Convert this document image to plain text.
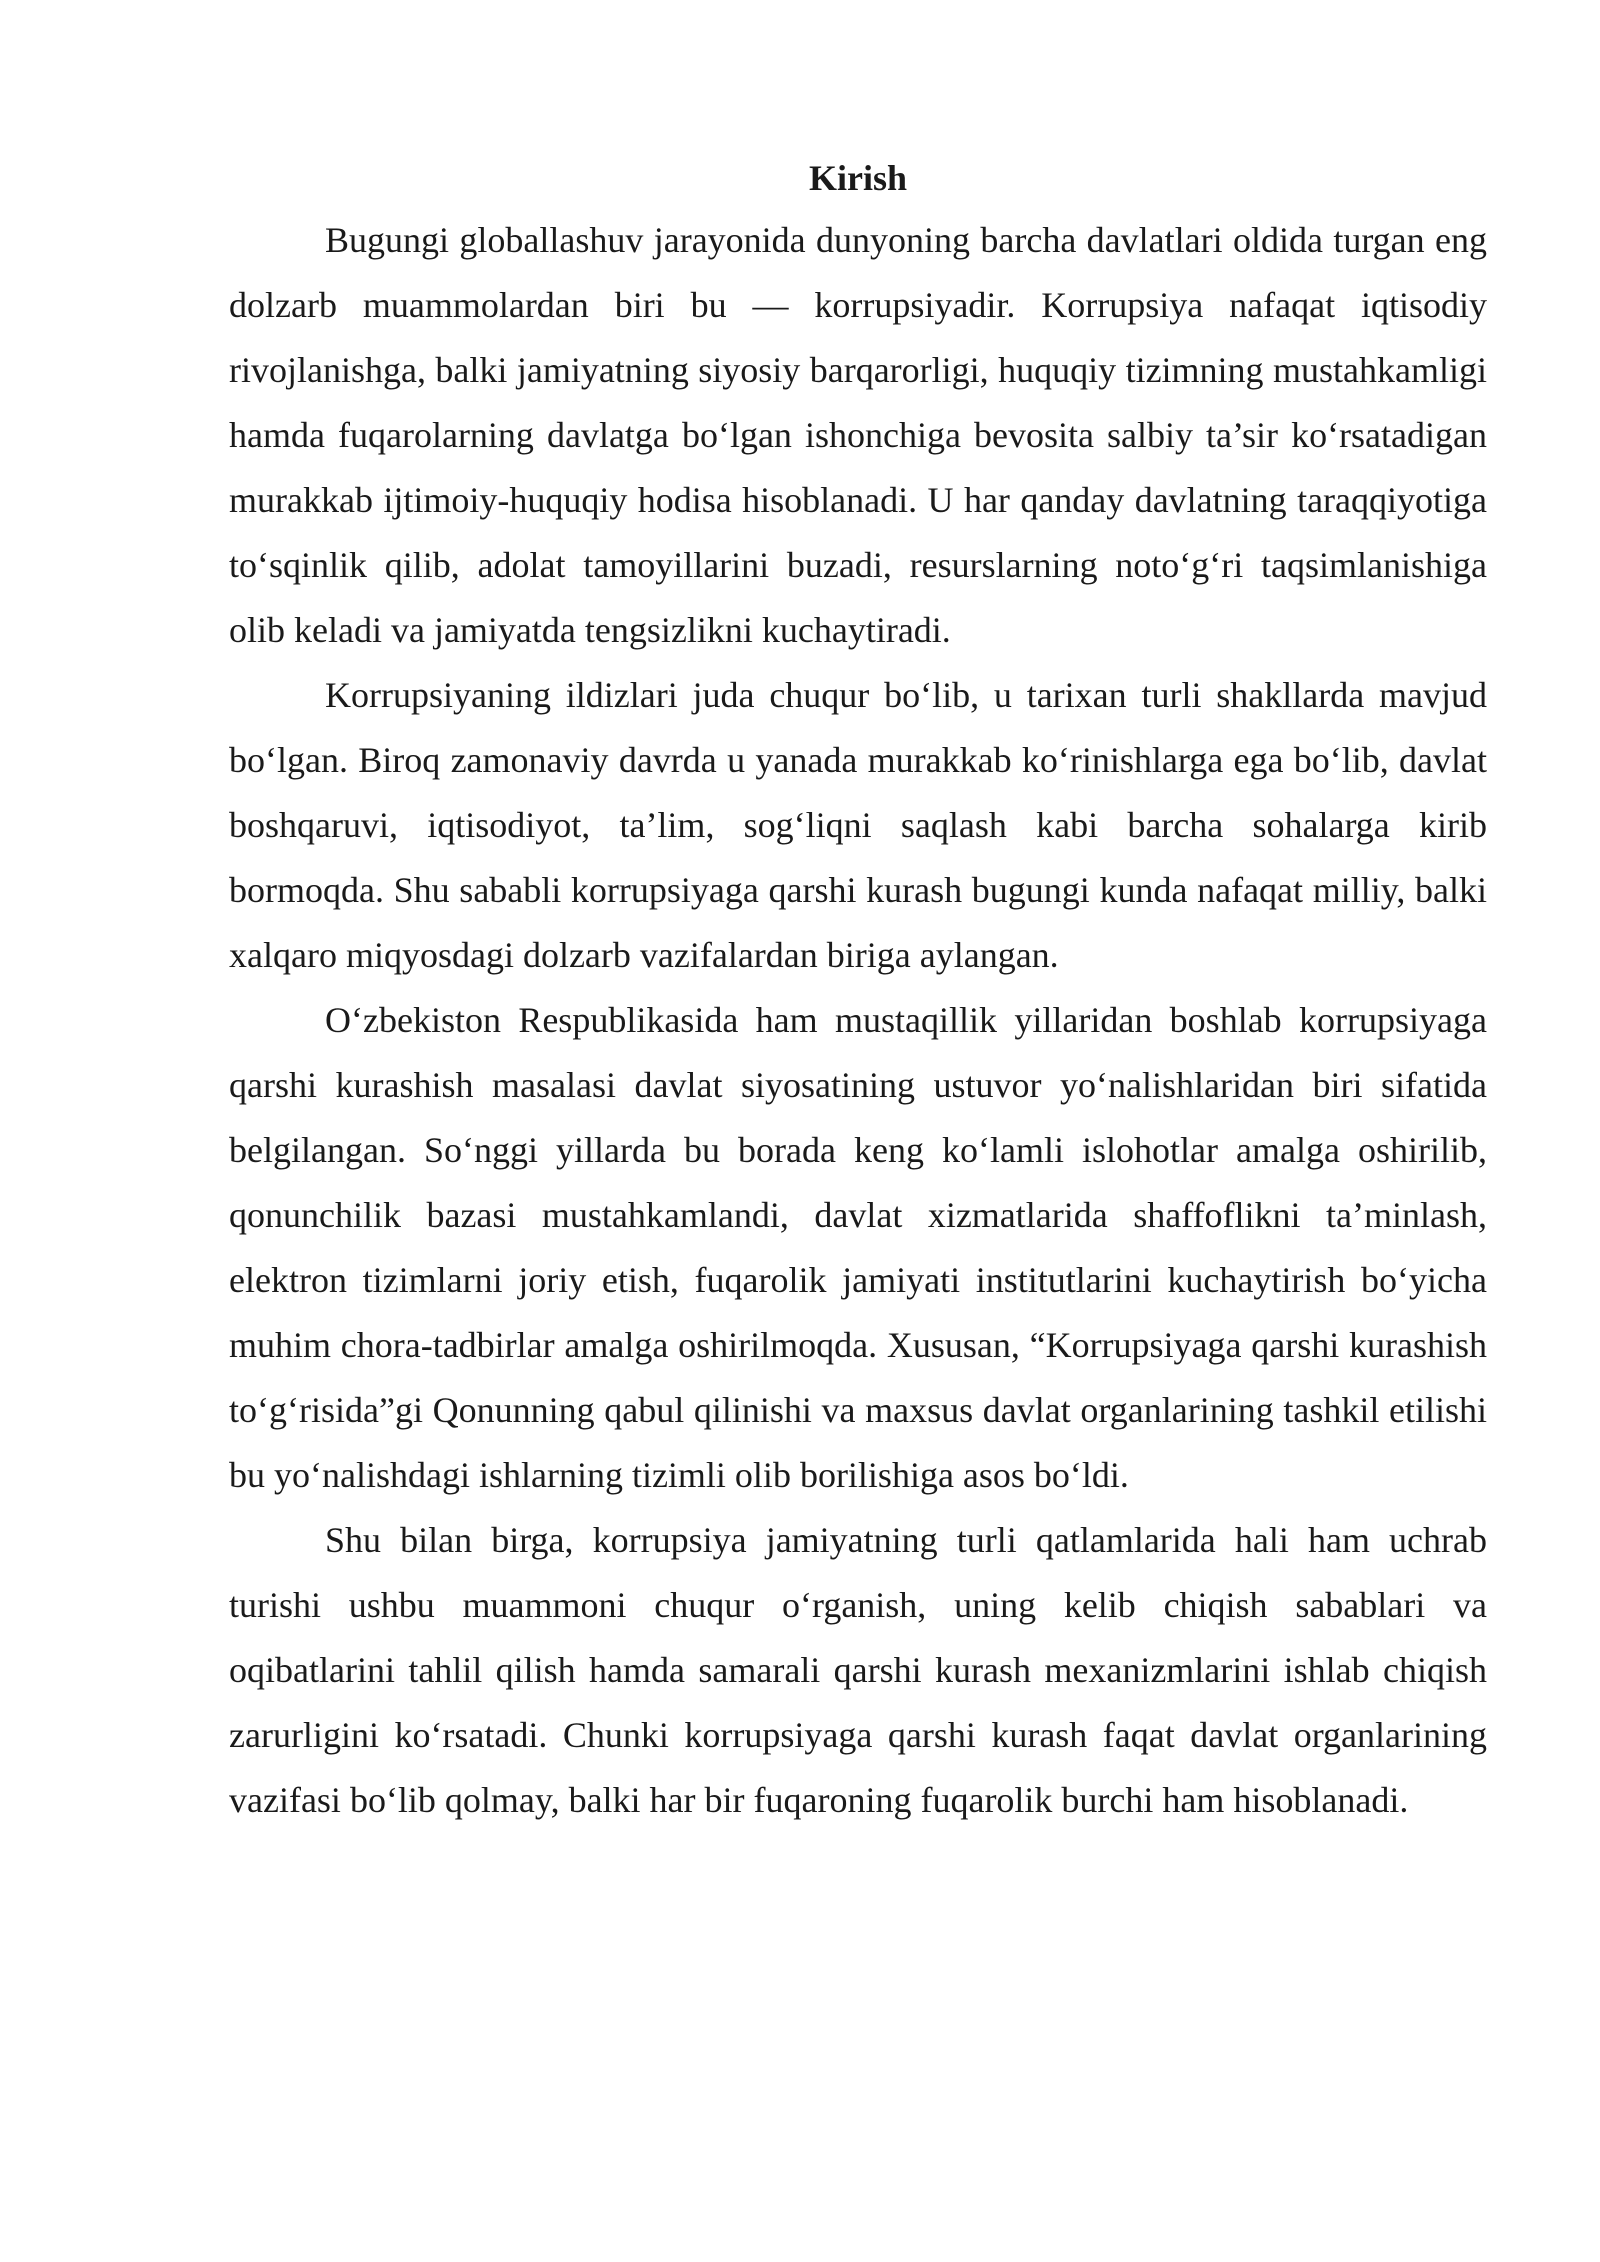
Kirish

Bugungi globallashuv jarayonida dunyoning barcha davlatlari oldida turgan eng dolzarb muammolardan biri bu — korrupsiyadir. Korrupsiya nafaqat iqtisodiy rivojlanishga, balki jamiyatning siyosiy barqarorligi, huquqiy tizimning mustahkamligi hamda fuqarolarning davlatga bo‘lgan ishonchiga bevosita salbiy ta’sir ko‘rsatadigan murakkab ijtimoiy-huquqiy hodisa hisoblanadi. U har qanday davlatning taraqqiyotiga to‘sqinlik qilib, adolat tamoyillarini buzadi, resurslarning noto‘g‘ri taqsimlanishiga olib keladi va jamiyatda tengsizlikni kuchaytiradi.

Korrupsiyaning ildizlari juda chuqur bo‘lib, u tarixan turli shakllarda mavjud bo‘lgan. Biroq zamonaviy davrda u yanada murakkab ko‘rinishlarga ega bo‘lib, davlat boshqaruvi, iqtisodiyot, ta’lim, sog‘liqni saqlash kabi barcha sohalarga kirib bormoqda. Shu sababli korrupsiyaga qarshi kurash bugungi kunda nafaqat milliy, balki xalqaro miqyosdagi dolzarb vazifalardan biriga aylangan.

O‘zbekiston Respublikasida ham mustaqillik yillaridan boshlab korrupsiyaga qarshi kurashish masalasi davlat siyosatining ustuvor yo‘nalishlaridan biri sifatida belgilangan. So‘nggi yillarda bu borada keng ko‘lamli islohotlar amalga oshirilib, qonunchilik bazasi mustahkamlandi, davlat xizmatlarida shaffoflikni ta’minlash, elektron tizimlarni joriy etish, fuqarolik jamiyati institutlarini kuchaytirish bo‘yicha muhim chora-tadbirlar amalga oshirilmoqda. Xususan, “Korrupsiyaga qarshi kurashish to‘g‘risida”gi Qonunning qabul qilinishi va maxsus davlat organlarining tashkil etilishi bu yo‘nalishdagi ishlarning tizimli olib borilishiga asos bo‘ldi.

Shu bilan birga, korrupsiya jamiyatning turli qatlamlarida hali ham uchrab turishi ushbu muammoni chuqur o‘rganish, uning kelib chiqish sabablari va oqibatlarini tahlil qilish hamda samarali qarshi kurash mexanizmlarini ishlab chiqish zarurligini ko‘rsatadi. Chunki korrupsiyaga qarshi kurash faqat davlat organlarining vazifasi bo‘lib qolmay, balki har bir fuqaroning fuqarolik burchi ham hisoblanadi.
